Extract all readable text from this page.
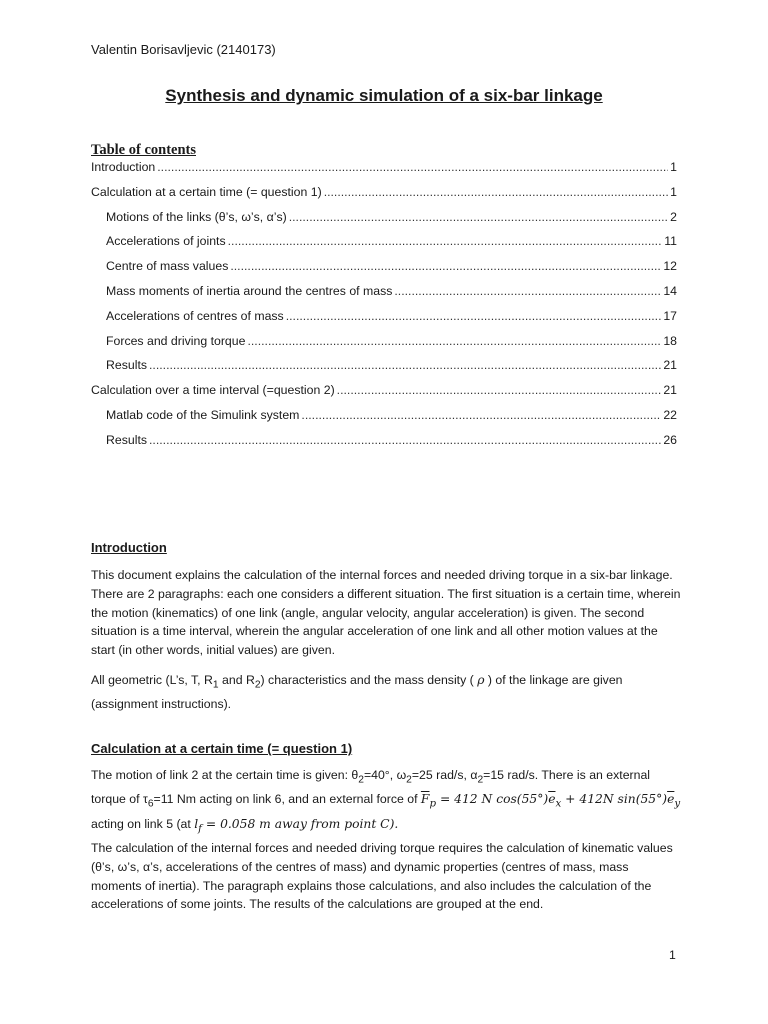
Valentin Borisavljevic (2140173)
Synthesis and dynamic simulation of a six-bar linkage
Table of contents
Introduction .....	1
Calculation at a certain time (= question 1) .....	1
Motions of the links (θ’s, ω’s, α’s) .....	2
Accelerations of joints .....	11
Centre of mass values .....	12
Mass moments of inertia around the centres of mass .....	14
Accelerations of centres of mass .....	17
Forces and driving torque .....	18
Results .....	21
Calculation over a time interval (=question 2) .....	21
Matlab code of the Simulink system .....	22
Results .....	26
Introduction

This document explains the calculation of the internal forces and needed driving torque in a six-bar linkage. There are 2 paragraphs: each one considers a different situation. The first situation is a certain time, wherein the motion (kinematics) of one link (angle, angular velocity, angular acceleration) is given. The second situation is a time interval, wherein the angular acceleration of one link and all other motion values at the start (in other words, initial values) are given.

All geometric (L’s, T, $R_1$ and $R_2$) characteristics and the mass density ( ρ ) of the linkage are given (assignment instructions).

Calculation at a certain time (= question 1)

The motion of link 2 at the certain time is given: $\theta_2=40^\circ$, $\omega_2=25$ rad/s, $\alpha_2=15$ rad/s. There is an external torque of $\tau_6=11$ Nm acting on link 6, and an external force of $\overline{F}_p = 412$ N $\cos(55^\circ)\overline{e}_x + 412N$ $\sin(55^\circ)\overline{e}_y$ acting on link 5 (at $l_f = 0.058$ m away from point C).

The calculation of the internal forces and needed driving torque requires the calculation of kinematic values (θ’s, ω’s, α’s, accelerations of the centres of mass) and dynamic properties (centres of mass, mass moments of inertia). The paragraph explains those calculations, and also includes the calculation of the accelerations of some joints. The results of the calculations are grouped at the end.

1
